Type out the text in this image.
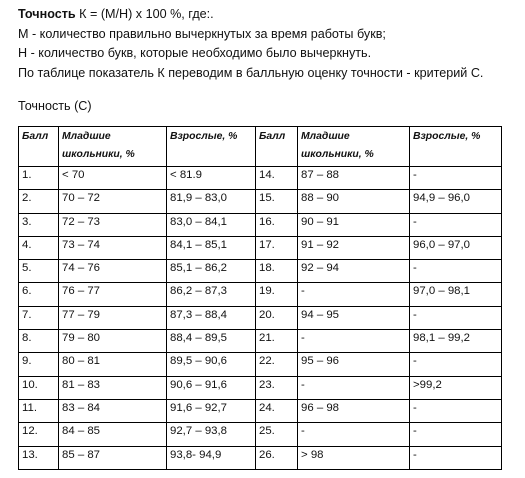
Точность К = (М/Н) х 100 %, где:.

М - количество правильно вычеркнутых за время работы букв;

Н - количество букв, которые необходимо было вычеркнуть.

По таблице показатель К переводим в балльную оценку точности - критерий С.

Точность (С)
Балл	Младшие школьники, %	Взрослые, %	Балл	Младшие школьники, %	Взрослые, %
1.	< 70	< 81.9	14.	87 – 88	-
2.	70 – 72	81,9 – 83,0	15.	88 – 90	94,9 – 96,0
3.	72 – 73	83,0 – 84,1	16.	90 – 91	-
4.	73 – 74	84,1 – 85,1	17.	91 – 92	96,0 – 97,0
5.	74 – 76	85,1 – 86,2	18.	92 – 94	-
6.	76 – 77	86,2 – 87,3	19.	-	97,0 – 98,1
7.	77 – 79	87,3 – 88,4	20.	94 – 95	-
8.	79 – 80	88,4 – 89,5	21.	-	98,1 – 99,2
9.	80 – 81	89,5 – 90,6	22.	95 – 96	-
10.	81 – 83	90,6 – 91,6	23.	-	>99,2
11.	83 – 84	91,6 – 92,7	24.	96 – 98	-
12.	84 – 85	92,7 – 93,8	25.	-	-
13.	85 – 87	93,8- 94,9	26.	> 98	-
